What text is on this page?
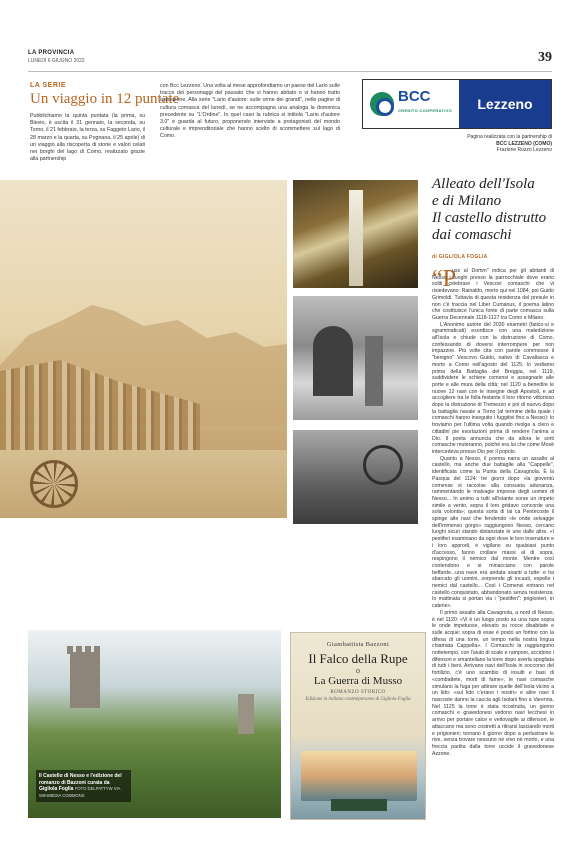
LA PROVINCIA
LUNEDÌ 6 GIUGNO 2022	39
LA SERIE
Un viaggio in 12 puntate
Pubblichiamo la quinta puntata (la prima, su Blevio, è uscita il 31 gennaio, la seconda, su Torno, il 21 febbraio, la terza, su Faggeto Lario, il 28 marzo e la quarta, su Pognana, il 25 aprile) di un viaggio alla riscoperta di storie e valori celati nei borghi del lago di Como, realizzato grazie alla partnership
con Bcc Lezzeno. Una volta al mese approfondiamo un paese del Lario sulle tracce dei personaggi del passato che vi hanno abitato o vi hanno tratto ispirazione. Alla serie "Lario d'autore: sulle orme dei grandi", nelle pagine di cultura comasca del lunedì, se ne accompagna una analoga la domenica precedente su "L'Ordine". In quel caso la rubrica si intitola "Lario d'autore 3.0" e guarda al futuro, proponendo interviste a protagonisti del mondo culturale e imprenditoriale che hanno scelto di scommettere sul lago di Como.
BCC
CREDITO COOPERATIVO	Lezzeno
Pagina realizzata con la partnership di
BCC LEZZENO (COMO)
Frazione Rozzo Lezzeno
Il Castello di Nesso e l'edizione del romanzo di Bazzoni curata da Gigliola Foglia FOTO DELPATTYW VIA WIKIMEDIA COMMONS
Giambattista Bazzoni
Il Falco della Rupe
o
La Guerra di Musso
ROMANZO STORICO
Edizione in italiano contemporaneo di Gigliola Foglia
Alleato dell'Isola
e di Milano
Il castello distrutto
dai comaschi
di GIGLIOLA FOGLIA
“P

uss al Domm" indica per gli abitanti di Nesso i luoghi presso la parrocchiale dove erano soliti celebrare i Vescovi comaschi che vi risiedevano: Rainaldo, morto qui nel 1084, poi Guido Grimoldi. Tuttavia di questa residenza del presule in non c'è traccia nel Liber Cumanus, il poema latino che costituisce l'unica fonte di parte comasca sulla Guerra Decennale 1118-1127 tra Como e Milano.

L'Anonimo autore del 2030 esametri (fatico-si e sgrammaticati) esordisce con una maledizione all'Isola e chiude con la distruzione di Como, confessando di doversi interrompere per non impazzire. Più volte cita con parole commosse il "benigno" Vescovo Guido, nativo di Cavallasca e morto a Como nell'agosto del 1125: lo vediamo prima della Battaglia del Breggia, nel 1119, suddividere le schiere comensi e assegnarle alle porte e alle mura della città; nel 1120 a benedire le nuove 12 navi con le insegne degli Apostoli, e ad accogliere tra le folla festante il loro ritorno vittorioso dopo la distruzione di Tremezzo e poi di nuovo dopo la battaglia navale a Torno (al termine della quale i comaschi hanno inseguito i fuggitivi fino a Nesso): lo troviamo per l'ultima volta quando rivolge a clero e cittadini pie esortazioni prima di rendere l'anima a Dio. Il poeta annuncia che da allora le sorti comasche muteranno, poiché era lui che come Mosè intercedeva presso Dio per il popolo.

Quanto a Nesso, il poema narra un assalto al castello, ma anche due battaglie alla "Cappelle", identificata come la Punta della Cavagnola. È la Pasqua del 1124: tre giorni dopo «la gioventù comense si raccolse alla consueta adunanza, rammentando le malvagie imprese degli uomini di Nesso... In animo a tutti all'istante sorse un impeto simile a vento, sopra il loro gridavo concorde una sola volontà»; questa sorta di lai ca Pentecoste li spinge alle navi che fendendo «le onde selvagge dell'immenso gorgo» raggiungono Nesso, cercano luoghi sicuri stando distanziate le une dalle altre. «I pestiferi esaminano da ogni dove le loro insenature e i loro approdi, e vigilano su qualsiasi punto d'accesso, fanno crollare massi al di sopra, respingono il nemico dal monte. Mentre così contendono e si minacciano con parole beffarde...una nave era andata avanti a tutte: e ha sbarcato gli uomini, sorprende gli incauti, espelle i nemici dal castello... Così i Comensi entrano nel castello conquistato, abbandonato senza resistenza. In mattinata si portan via i "pestiferi": prigionieri, in catene».

Il primo assalto alla Cavagnola, a nord di Nesso, è nel 1120: «Vi è un luogo posto su una rupe sopra le onde impetuose, elevato su rocce disabitate e sulle acque; sopra di esse è posto un fortino con la difesa di una torre, un tempo nella nostra lingua chiamata Cappella». I Comaschi la raggiungono nottetempo, con l'aiuto di scale e ramponi, uccidono i difensori e smantellano la torre dopo averla spogliata di tutti i beni. Arrivano navi dell'Isola in soccorso del fortilizio, c'è uno scambio di insulti e basi di «combattete, morti di fame», le navi comasche simulano la fuga per attirare quelle dell'Isola vicino a un lido: «sul lido c'erano i nostri» e altre navi li nascoste danno la caccia agli Isolani fino a Varenna. Nel 1125 la torre è stata ricostruita, un giorno comaschi e gravedonesi vedono navi lecchesi in arrivo per portare calce e vettovaglie ai difensori, le attaccano ma sono costretti a ritirarsi lasciando morti e prigionieri; tornano il giorno dopo a perlustrare le rive, senza trovare nessuno né vivo né morto, e una freccia partita dalla torre uccide il gravedonese Azzone.
